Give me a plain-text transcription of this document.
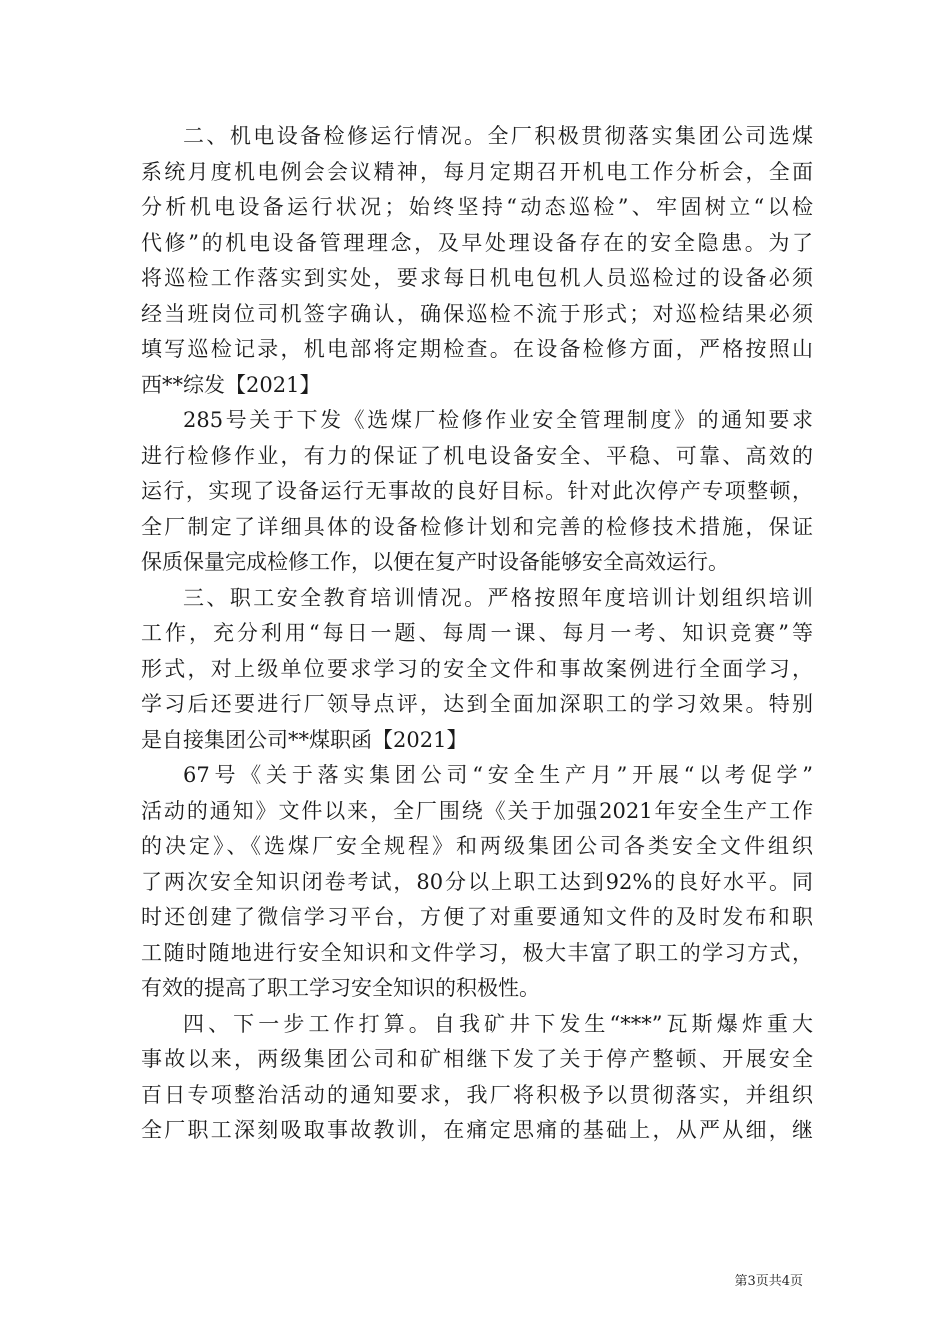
二、机电设备检修运行情况。全厂积极贯彻落实集团公司选煤
系统月度机电例会会议精神，每月定期召开机电工作分析会，全面
分析机电设备运行状况；始终坚持“动态巡检”、牢固树立“以检
代修”的机电设备管理理念，及早处理设备存在的安全隐患。为了
将巡检工作落实到实处，要求每日机电包机人员巡检过的设备必须
经当班岗位司机签字确认，确保巡检不流于形式；对巡检结果必须
填写巡检记录，机电部将定期检查。在设备检修方面，严格按照山
西**综发【2021】
285号关于下发《选煤厂检修作业安全管理制度》的通知要求
进行检修作业，有力的保证了机电设备安全、平稳、可靠、高效的
运行，实现了设备运行无事故的良好目标。针对此次停产专项整顿，
全厂制定了详细具体的设备检修计划和完善的检修技术措施，保证
保质保量完成检修工作，以便在复产时设备能够安全高效运行。
三、职工安全教育培训情况。严格按照年度培训计划组织培训
工作，充分利用“每日一题、每周一课、每月一考、知识竞赛”等
形式，对上级单位要求学习的安全文件和事故案例进行全面学习，
学习后还要进行厂领导点评，达到全面加深职工的学习效果。特别
是自接集团公司**煤职函【2021】
67号《关于落实集团公司“安全生产月”开展“以考促学”
活动的通知》文件以来，全厂围绕《关于加强2021年安全生产工作
的决定》、《选煤厂安全规程》和两级集团公司各类安全文件组织
了两次安全知识闭卷考试，80分以上职工达到92%的良好水平。同
时还创建了微信学习平台，方便了对重要通知文件的及时发布和职
工随时随地进行安全知识和文件学习，极大丰富了职工的学习方式，
有效的提高了职工学习安全知识的积极性。
四、下一步工作打算。自我矿井下发生“***”瓦斯爆炸重大
事故以来，两级集团公司和矿相继下发了关于停产整顿、开展安全
百日专项整治活动的通知要求，我厂将积极予以贯彻落实，并组织
全厂职工深刻吸取事故教训，在痛定思痛的基础上，从严从细，继
第3页共4页
